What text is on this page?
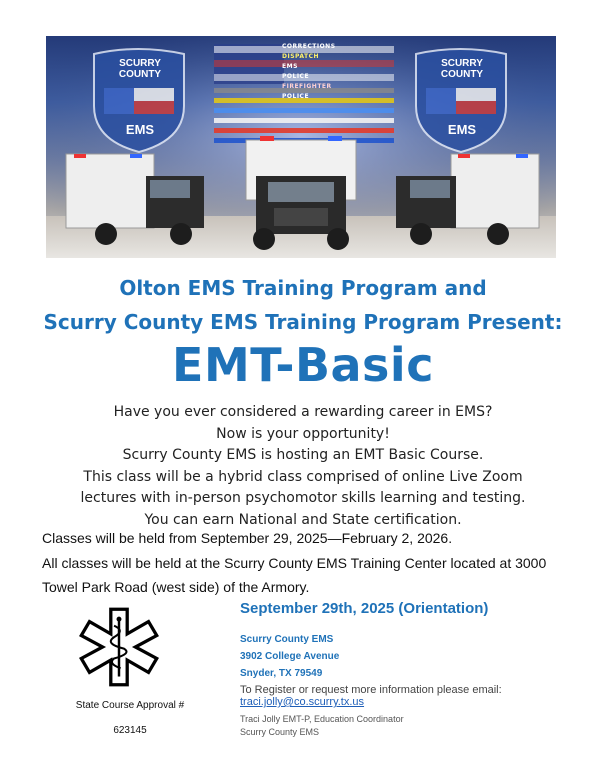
CORRECTIONS
DISPATCH
EMS
POLICE
FIREFIGHTER
POLICE
SCURRY COUNTY
EMS
SCURRY COUNTY
EMS
Olton EMS Training Program and
Scurry County EMS Training Program Present:
EMT-Basic
Have you ever considered a rewarding career in EMS?
Now is your opportunity!
Scurry County EMS is hosting an EMT Basic Course.
This class will be a hybrid class comprised of online Live Zoom
lectures with in-person psychomotor skills learning and testing.
You can earn National and State certification.
Classes will be held from September 29, 2025—February 2, 2026.
All classes will be held at the Scurry County EMS Training Center located at 3000
Towel Park Road (west side) of the Armory.
State Course Approval #
623145
September 29th, 2025 (Orientation)
Scurry County EMS
3902 College Avenue
Snyder, TX 79549
To Register or request more information please email:
traci.jolly@co.scurry.tx.us
Traci Jolly EMT-P, Education Coordinator
Scurry County EMS
